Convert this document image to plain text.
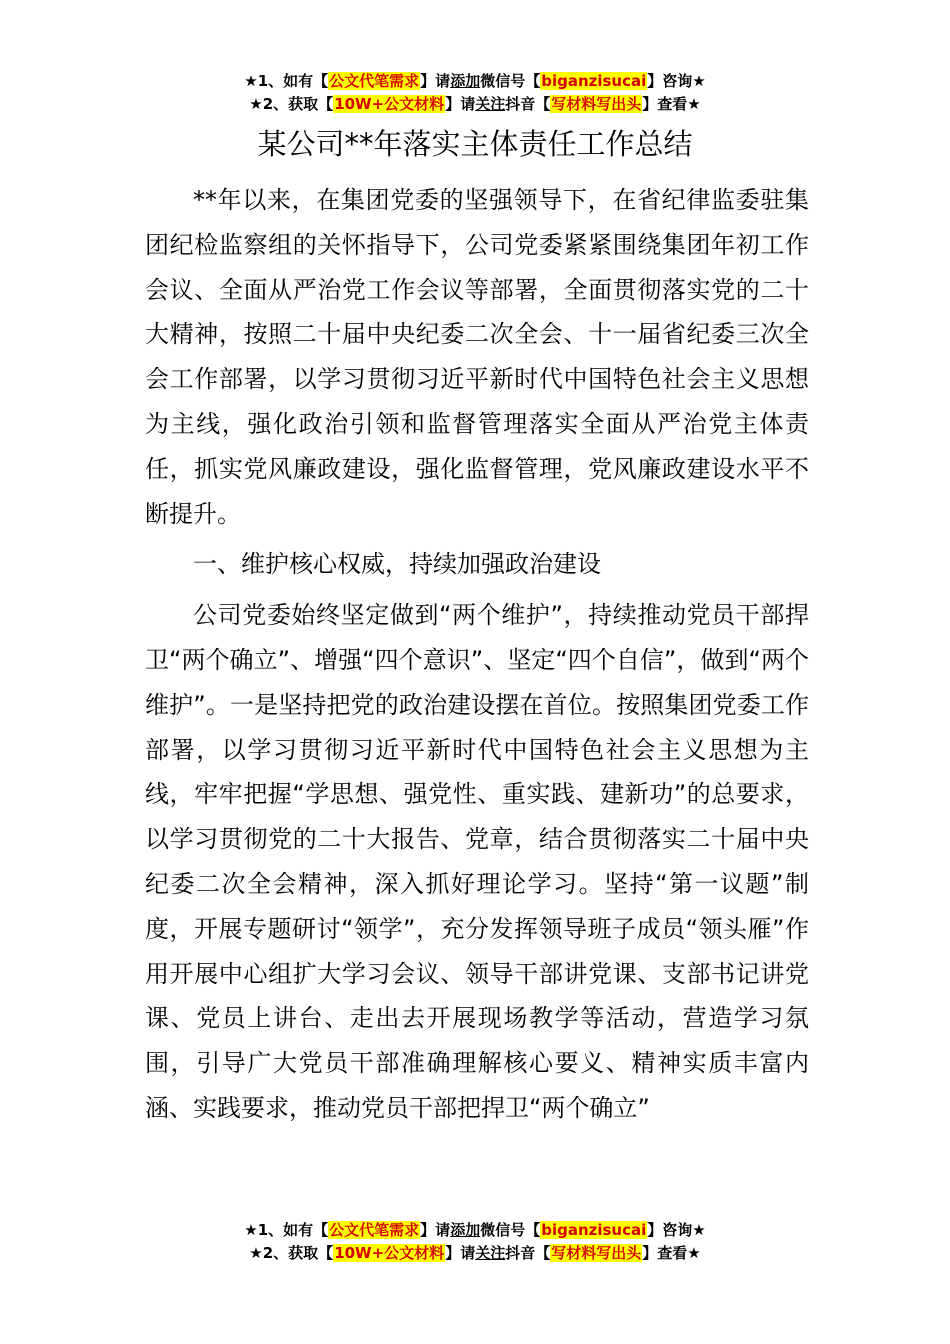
★1、如有【公文代笔需求】请添加微信号【biganzisucai】咨询★
★2、获取【10W+公文材料】请关注抖音【写材料写出头】查看★
某公司**年落实主体责任工作总结

**年以来，在集团党委的坚强领导下，在省纪律监委驻集团纪检监察组的关怀指导下，公司党委紧紧围绕集团年初工作会议、全面从严治党工作会议等部署，全面贯彻落实党的二十大精神，按照二十届中央纪委二次全会、十一届省纪委三次全会工作部署，以学习贯彻习近平新时代中国特色社会主义思想为主线，强化政治引领和监督管理落实全面从严治党主体责任，抓实党风廉政建设，强化监督管理，党风廉政建设水平不断提升。

一、维护核心权威，持续加强政治建设

公司党委始终坚定做到“两个维护”，持续推动党员干部捍卫“两个确立”、增强“四个意识”、坚定“四个自信”，做到“两个维护”。一是坚持把党的政治建设摆在首位。按照集团党委工作部署，以学习贯彻习近平新时代中国特色社会主义思想为主线，牢牢把握“学思想、强党性、重实践、建新功”的总要求，以学习贯彻党的二十大报告、党章，结合贯彻落实二十届中央纪委二次全会精神，深入抓好理论学习。坚持“第一议题”制度，开展专题研讨“领学”，充分发挥领导班子成员“领头雁”作用开展中心组扩大学习会议、领导干部讲党课、支部书记讲党课、党员上讲台、走出去开展现场教学等活动，营造学习氛围，引导广大党员干部准确理解核心要义、精神实质丰富内涵、实践要求，推动党员干部把捍卫“两个确立”

★1、如有【公文代笔需求】请添加微信号【biganzisucai】咨询★
★2、获取【10W+公文材料】请关注抖音【写材料写出头】查看★
